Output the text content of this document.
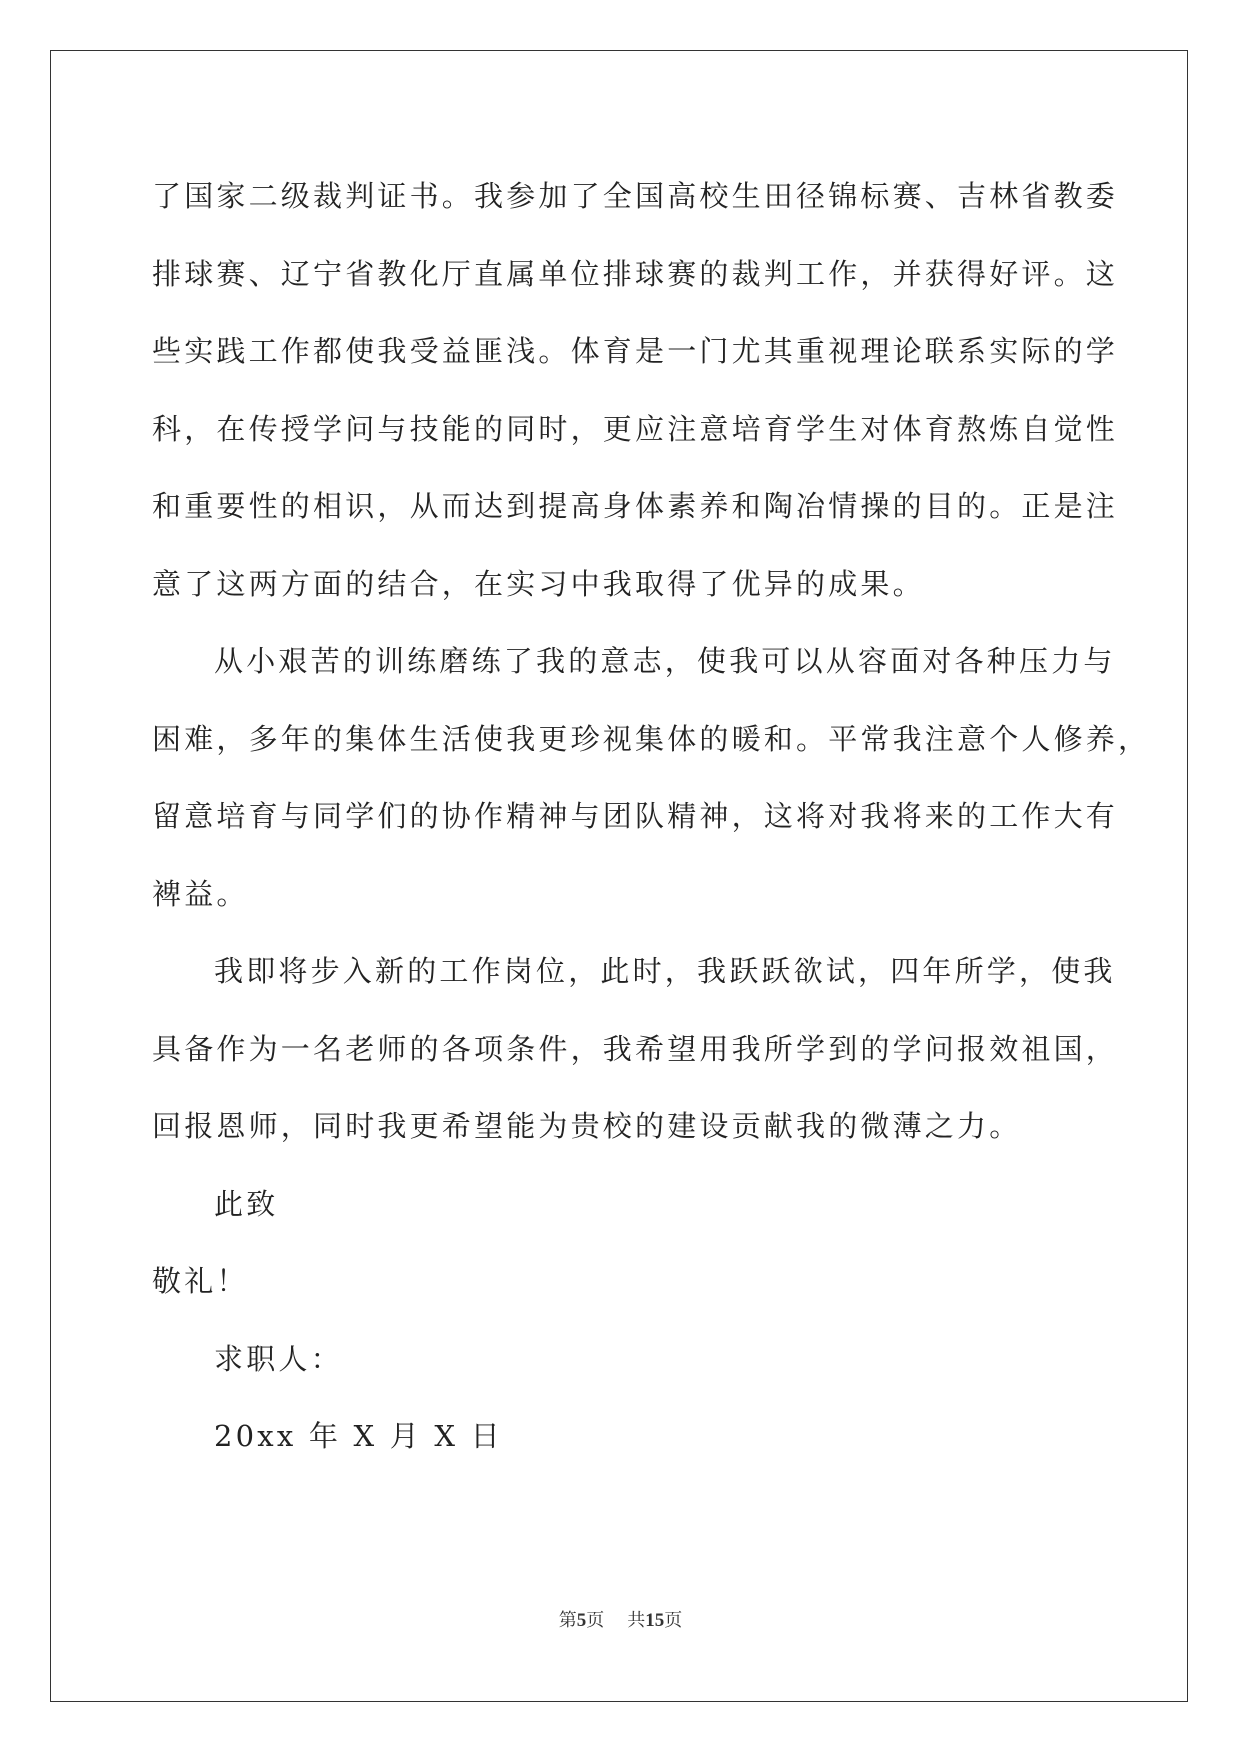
了国家二级裁判证书。我参加了全国高校生田径锦标赛、吉林省教委
排球赛、辽宁省教化厅直属单位排球赛的裁判工作，并获得好评。这
些实践工作都使我受益匪浅。体育是一门尤其重视理论联系实际的学
科，在传授学问与技能的同时，更应注意培育学生对体育熬炼自觉性
和重要性的相识，从而达到提高身体素养和陶冶情操的目的。正是注
意了这两方面的结合，在实习中我取得了优异的成果。
从小艰苦的训练磨练了我的意志，使我可以从容面对各种压力与
困难，多年的集体生活使我更珍视集体的暖和。平常我注意个人修养，
留意培育与同学们的协作精神与团队精神，这将对我将来的工作大有
裨益。
我即将步入新的工作岗位，此时，我跃跃欲试，四年所学，使我
具备作为一名老师的各项条件，我希望用我所学到的学问报效祖国，
回报恩师，同时我更希望能为贵校的建设贡献我的微薄之力。
此致
敬礼！
求职人：
20xx 年 X 月 X 日
第5页 共15页
